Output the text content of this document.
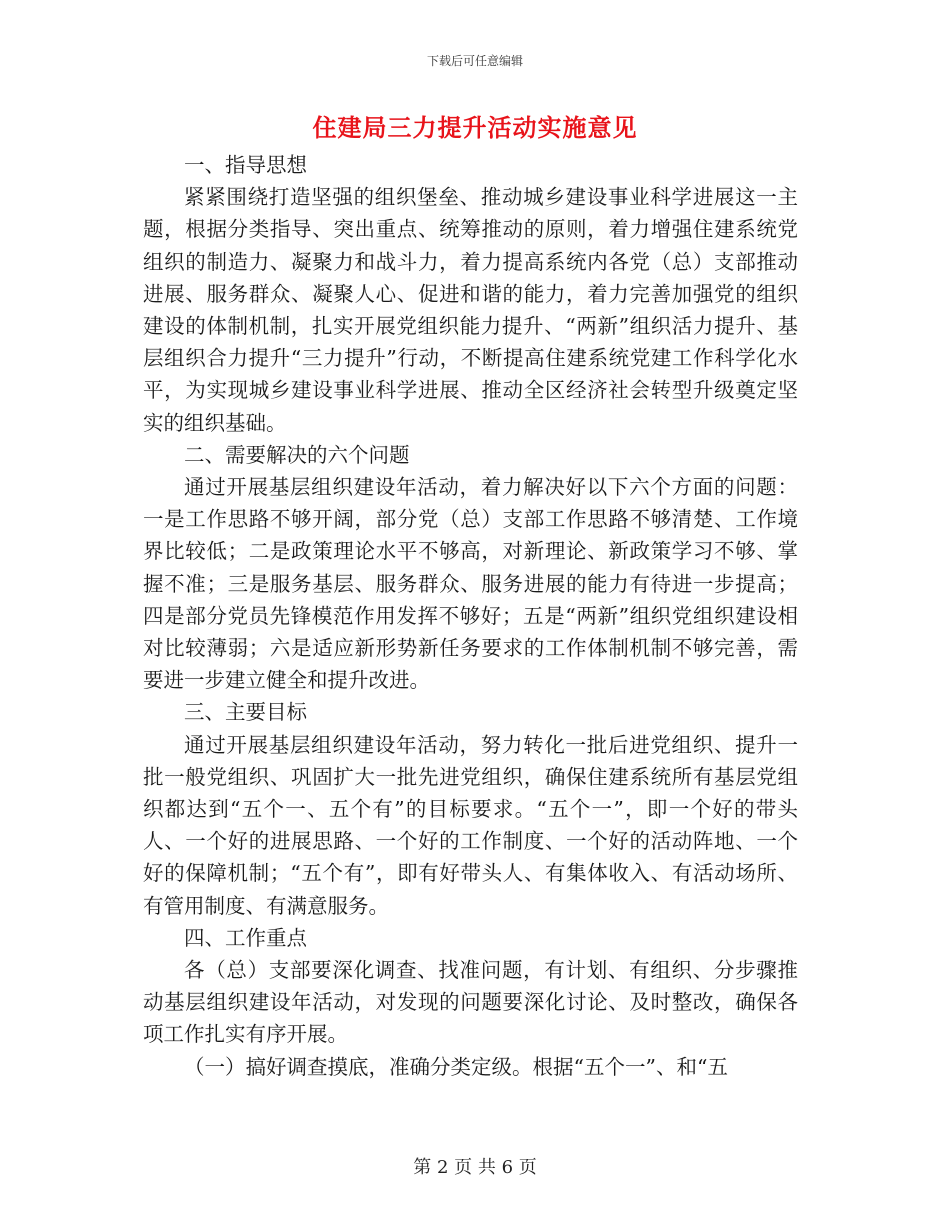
下载后可任意编辑
住建局三力提升活动实施意见

一、指导思想

紧紧围绕打造坚强的组织堡垒、推动城乡建设事业科学进展这一主题，根据分类指导、突出重点、统筹推动的原则，着力增强住建系统党组织的制造力、凝聚力和战斗力，着力提高系统内各党（总）支部推动进展、服务群众、凝聚人心、促进和谐的能力，着力完善加强党的组织建设的体制机制，扎实开展党组织能力提升、“两新”组织活力提升、基层组织合力提升“三力提升”行动，不断提高住建系统党建工作科学化水平，为实现城乡建设事业科学进展、推动全区经济社会转型升级奠定坚实的组织基础。

二、需要解决的六个问题

通过开展基层组织建设年活动，着力解决好以下六个方面的问题：一是工作思路不够开阔，部分党（总）支部工作思路不够清楚、工作境界比较低；二是政策理论水平不够高，对新理论、新政策学习不够、掌握不准；三是服务基层、服务群众、服务进展的能力有待进一步提高；四是部分党员先锋模范作用发挥不够好；五是“两新”组织党组织建设相对比较薄弱；六是适应新形势新任务要求的工作体制机制不够完善，需要进一步建立健全和提升改进。

三、主要目标

通过开展基层组织建设年活动，努力转化一批后进党组织、提升一批一般党组织、巩固扩大一批先进党组织，确保住建系统所有基层党组织都达到“五个一、五个有”的目标要求。“五个一”，即一个好的带头人、一个好的进展思路、一个好的工作制度、一个好的活动阵地、一个好的保障机制；“五个有”，即有好带头人、有集体收入、有活动场所、有管用制度、有满意服务。

四、工作重点

各（总）支部要深化调查、找准问题，有计划、有组织、分步骤推动基层组织建设年活动，对发现的问题要深化讨论、及时整改，确保各项工作扎实有序开展。

（一）搞好调查摸底，准确分类定级。根据“五个一”、和“五

第 2 页 共 6 页
